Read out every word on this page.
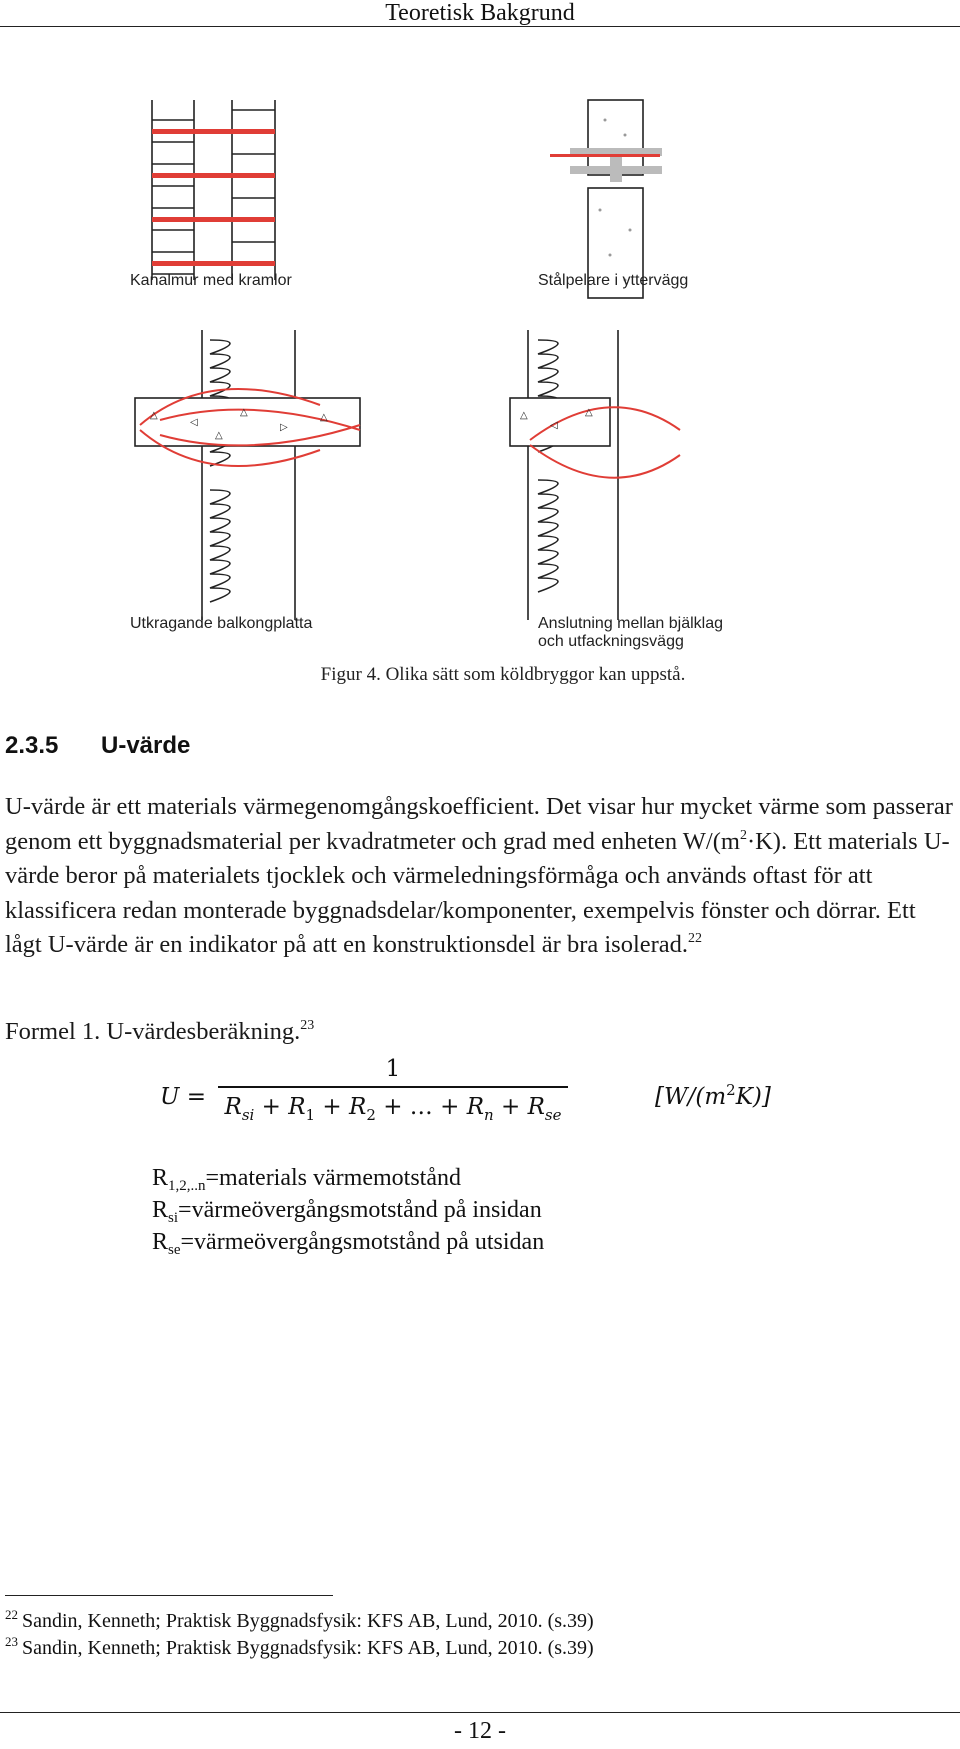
Teoretisk Bakgrund
Kanalmur med kramlor	Stålpelare i yttervägg
△
◁
△
▷
△
△
Utkragande balkongplatta
△
◁
△
Anslutning mellan bjälklag
och utfackningsvägg
Figur 4. Olika sätt som köldbryggor kan uppstå.
2.3.5 U-värde
U-värde är ett materials värmegenomgångskoefficient. Det visar hur mycket värme som passerar genom ett byggnadsmaterial per kvadratmeter och grad med enheten $W/(m^2\cdot K)$. Ett materials U-värde beror på materialets tjocklek och värmeledningsförmåga och används oftast för att klassificera redan monterade byggnadsdelar/komponenter, exempelvis fönster och dörrar. Ett lågt U-värde är en indikator på att en konstruktionsdel är bra isolerad.$^{22}$
Formel 1. U-värdesberäkning.$^{23}$
U =
1
$R_{si} + R_1 + R_2$ + … + $R_n + R_{se}$
$[W/(m^2K)]$
$R_{1,2,..n}=materials$ värmemotstånd
$R_{si}=värmeövergångsmotstånd$ på insidan
$R_{se}=värmeövergångsmotstånd$ på utsidan
$^{22}$ Sandin, Kenneth; Praktisk Byggnadsfysik: KFS AB, Lund, 2010. (s.39)
$^{23}$ Sandin, Kenneth; Praktisk Byggnadsfysik: KFS AB, Lund, 2010. (s.39)
- 12 -
